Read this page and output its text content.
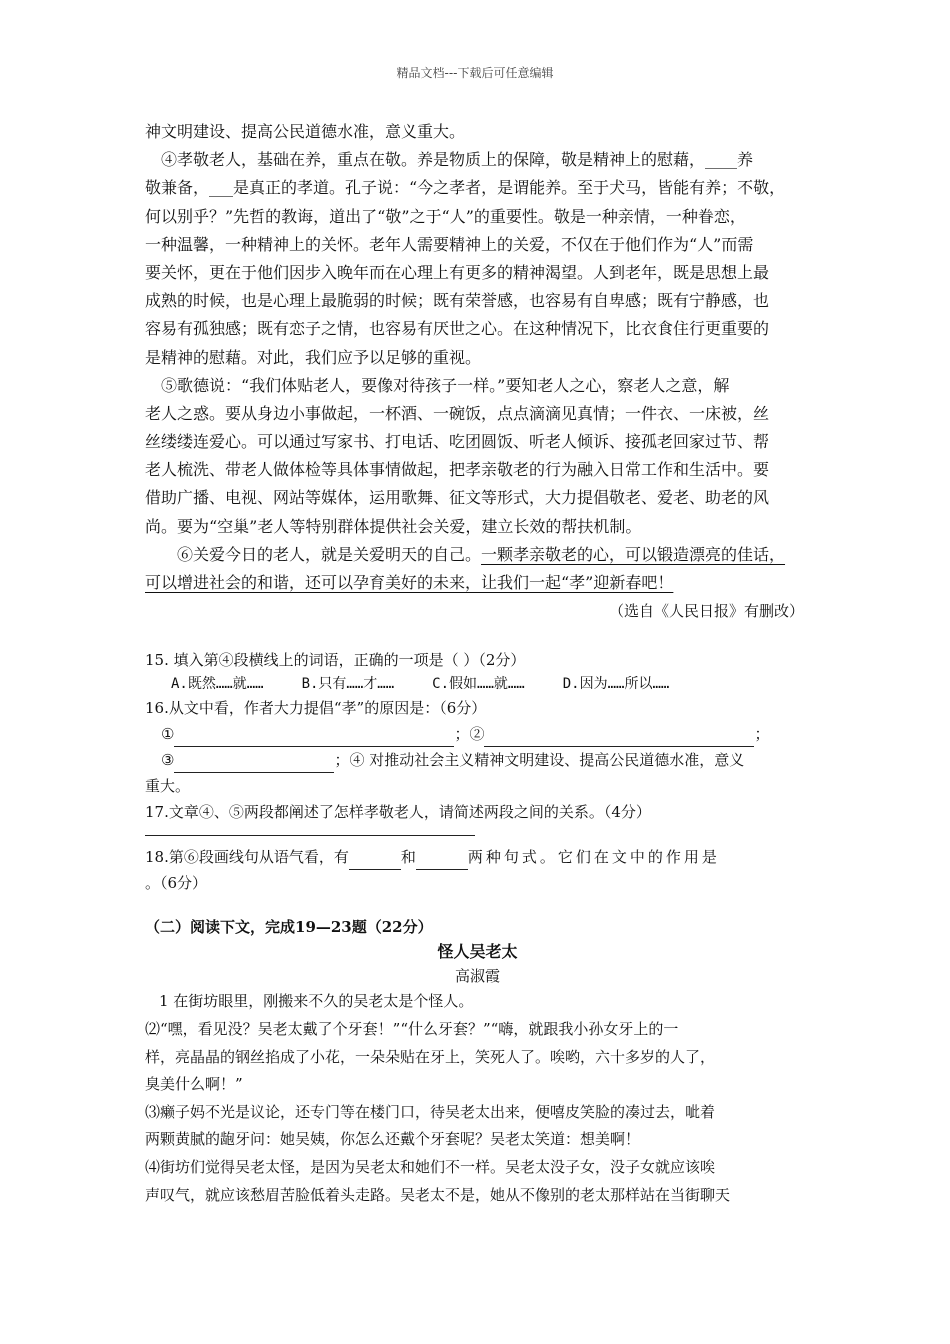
精品文档---下载后可任意编辑
神文明建设、提高公民道德水准，意义重大。
④孝敬老人，基础在养，重点在敬。养是物质上的保障，敬是精神上的慰藉，____养
敬兼备，___是真正的孝道。孔子说：“今之孝者，是谓能养。至于犬马，皆能有养；不敬，
何以别乎？”先哲的教诲，道出了“敬”之于“人”的重要性。敬是一种亲情，一种眷恋，
一种温馨，一种精神上的关怀。老年人需要精神上的关爱，不仅在于他们作为“人”而需
要关怀，更在于他们因步入晚年而在心理上有更多的精神渴望。人到老年，既是思想上最
成熟的时候，也是心理上最脆弱的时候；既有荣誉感，也容易有自卑感；既有宁静感，也
容易有孤独感；既有恋子之情，也容易有厌世之心。在这种情况下，比衣食住行更重要的
是精神的慰藉。对此，我们应予以足够的重视。
⑤歌德说：“我们体贴老人，要像对待孩子一样。”要知老人之心，察老人之意，解
老人之惑。要从身边小事做起，一杯酒、一碗饭，点点滴滴见真情；一件衣、一床被，丝
丝缕缕连爱心。可以通过写家书、打电话、吃团圆饭、听老人倾诉、接孤老回家过节、帮
老人梳洗、带老人做体检等具体事情做起，把孝亲敬老的行为融入日常工作和生活中。要
借助广播、电视、网站等媒体，运用歌舞、征文等形式，大力提倡敬老、爱老、助老的风
尚。要为“空巢”老人等特别群体提供社会关爱，建立长效的帮扶机制。
⑥关爱今日的老人，就是关爱明天的自己。一颗孝亲敬老的心，可以锻造漂亮的佳话，
可以增进社会的和谐，还可以孕育美好的未来，让我们一起“孝”迎新春吧！
（选自《人民日报》有删改）
15. 填入第④段横线上的词语，正确的一项是（ ）（2分）
A.既然……就……	B.只有……才……	C.假如……就……	D.因为……所以……
16.从文中看，作者大力提倡“孝”的原因是：（6分）
①	；②	；
③	；④ 对推动社会主义精神文明建设、提高公民道德水准，意义
重大。
17.文章④、⑤两段都阐述了怎样孝敬老人，请简述两段之间的关系。（4分）
18.第⑥段画线句从语气看，有	和	两种句式。它们在文中的作用是
。（6分）
（二）阅读下文，完成19—23题（22分）
怪人吴老太
高淑霞
1 在街坊眼里，刚搬来不久的吴老太是个怪人。
⑵“嘿，看见没？吴老太戴了个牙套！”“什么牙套？”“嗨，就跟我小孙女牙上的一
样，亮晶晶的钢丝掐成了小花，一朵朵贴在牙上，笑死人了。唉哟，六十多岁的人了，
臭美什么啊！”
⑶癞子妈不光是议论，还专门等在楼门口，待吴老太出来，便嘻皮笑脸的凑过去，呲着
两颗黄腻的龅牙问：她吴姨，你怎么还戴个牙套呢？吴老太笑道：想美啊！
⑷街坊们觉得吴老太怪，是因为吴老太和她们不一样。吴老太没子女，没子女就应该唉
声叹气，就应该愁眉苦脸低着头走路。吴老太不是，她从不像别的老太那样站在当街聊天
